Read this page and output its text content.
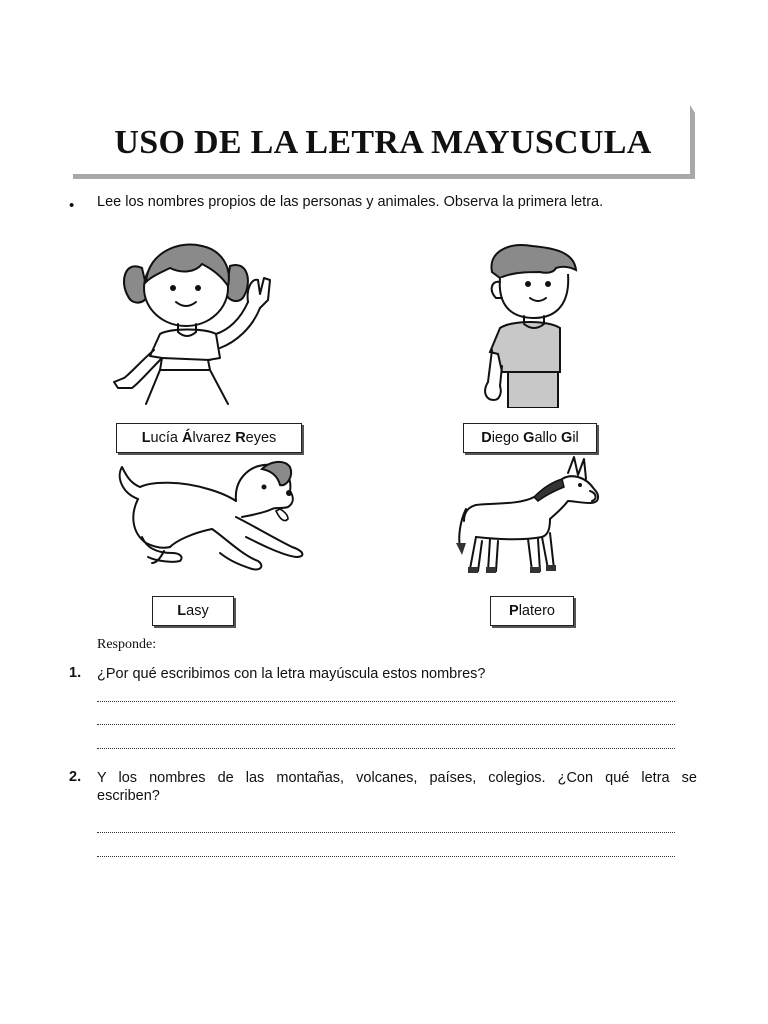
USO DE LA LETRA MAYUSCULA
• Lee los nombres propios de las personas y animales. Observa la primera letra.
Lucía Álvarez Reyes	Diego Gallo Gil
Lasy	Platero
Responde:
1. ¿Por qué escribimos con la letra mayúscula estos nombres?
2. Y los nombres de las montañas, volcanes, países, colegios. ¿Con qué letra se
escriben?
